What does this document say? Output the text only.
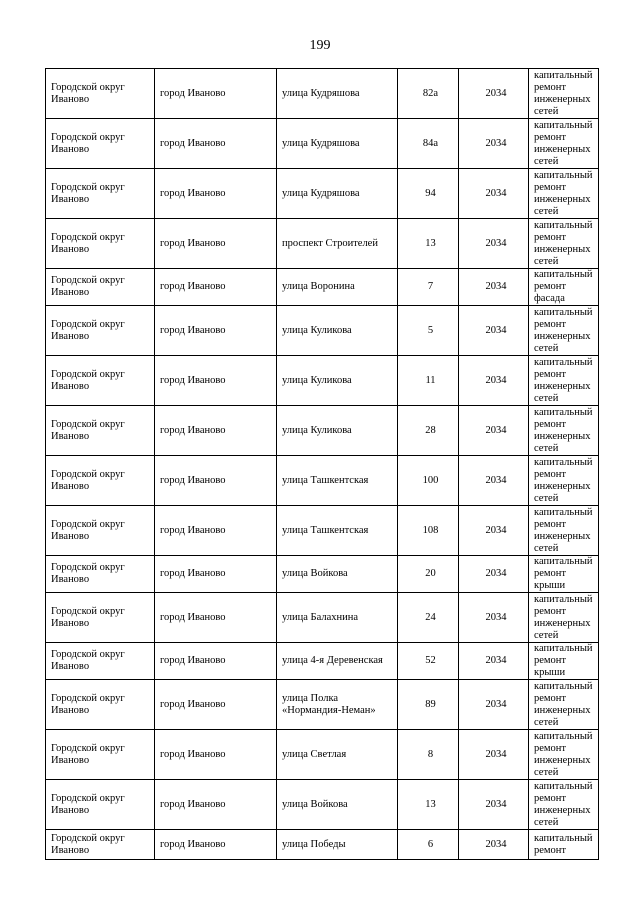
199
Городской округ Иваново	город Иваново	улица Кудряшова	82а	2034	капитальный ремонт инженерных сетей
Городской округ Иваново	город Иваново	улица Кудряшова	84а	2034	капитальный ремонт инженерных сетей
Городской округ Иваново	город Иваново	улица Кудряшова	94	2034	капитальный ремонт инженерных сетей
Городской округ Иваново	город Иваново	проспект Строителей	13	2034	капитальный ремонт инженерных сетей
Городской округ Иваново	город Иваново	улица Воронина	7	2034	капитальный ремонт фасада
Городской округ Иваново	город Иваново	улица Куликова	5	2034	капитальный ремонт инженерных сетей
Городской округ Иваново	город Иваново	улица Куликова	11	2034	капитальный ремонт инженерных сетей
Городской округ Иваново	город Иваново	улица Куликова	28	2034	капитальный ремонт инженерных сетей
Городской округ Иваново	город Иваново	улица Ташкентская	100	2034	капитальный ремонт инженерных сетей
Городской округ Иваново	город Иваново	улица Ташкентская	108	2034	капитальный ремонт инженерных сетей
Городской округ Иваново	город Иваново	улица Войкова	20	2034	капитальный ремонт крыши
Городской округ Иваново	город Иваново	улица Балахнина	24	2034	капитальный ремонт инженерных сетей
Городской округ Иваново	город Иваново	улица 4-я Деревенская	52	2034	капитальный ремонт крыши
Городской округ Иваново	город Иваново	улица Полка «Нормандия-Неман»	89	2034	капитальный ремонт инженерных сетей
Городской округ Иваново	город Иваново	улица Светлая	8	2034	капитальный ремонт инженерных сетей
Городской округ Иваново	город Иваново	улица Войкова	13	2034	капитальный ремонт инженерных сетей
Городской округ Иваново	город Иваново	улица Победы	6	2034	капитальный ремонт
